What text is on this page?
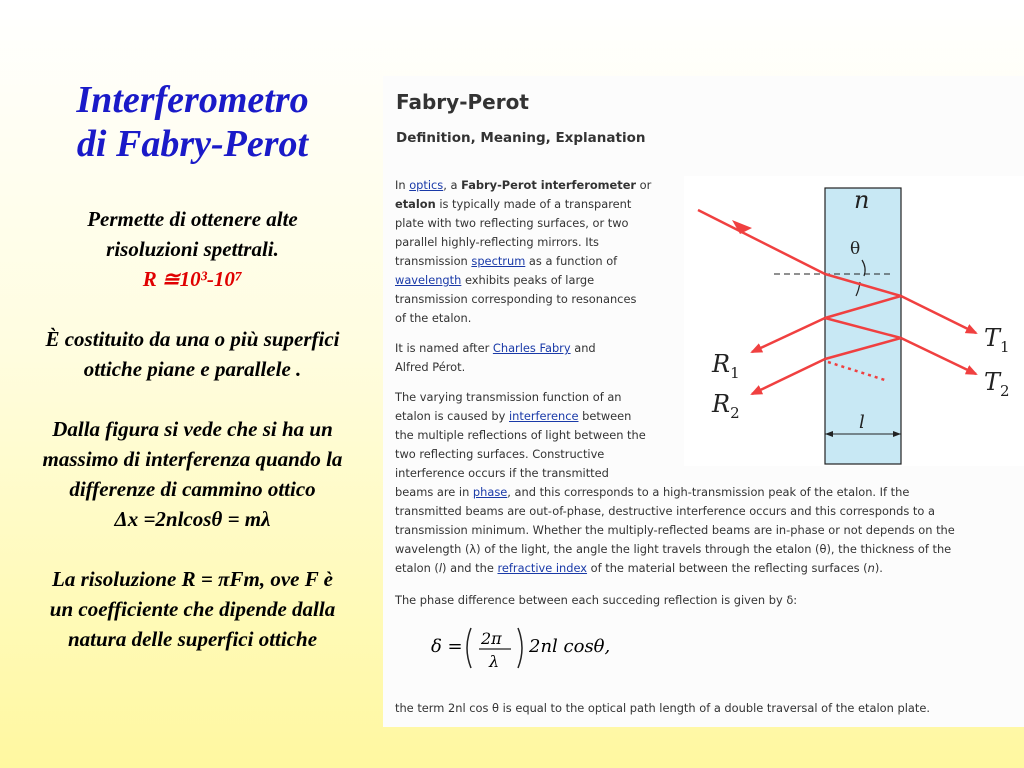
Interferometro
di Fabry-Perot
Permette di ottenere alte
risoluzioni spettrali.
R ≅10³-10⁷
È costituito da una o più superfici
ottiche piane e parallele .
Dalla figura si vede che si ha un
massimo di interferenza quando la
differenze di cammino ottico
Δx =2nlcosθ = mλ
La risoluzione R = πFm, ove F è
un coefficiente che dipende dalla
natura delle superfici ottiche
Fabry-Perot
Definition, Meaning, Explanation
In optics, a Fabry-Perot interferometer or
etalon is typically made of a transparent
plate with two reflecting surfaces, or two
parallel highly-reflecting mirrors. Its
transmission spectrum as a function of
wavelength exhibits peaks of large
transmission corresponding to resonances
of the etalon.
It is named after Charles Fabry and
Alfred Pérot.
The varying transmission function of an
etalon is caused by interference between
the multiple reflections of light between the
two reflecting surfaces. Constructive
interference occurs if the transmitted
beams are in phase, and this corresponds to a high-transmission peak of the etalon. If the
transmitted beams are out-of-phase, destructive interference occurs and this corresponds to a
transmission minimum. Whether the multiply-reflected beams are in-phase or not depends on the
wavelength (λ) of the light, the angle the light travels through the etalon (θ), the thickness of the
etalon (l) and the refractive index of the material between the reflecting surfaces (n).
The phase difference between each succeding reflection is given by δ:
δ = 2π
λ
2nl cosθ,
the term 2nl cos θ is equal to the optical path length of a double traversal of the etalon plate.
n
θ
$T_1$
$T_2$
$R_1$
$R_2$	l
